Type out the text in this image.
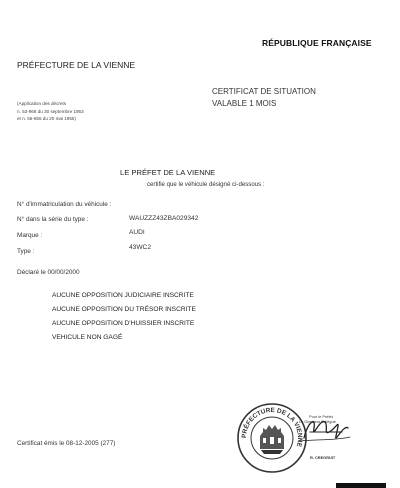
RÉPUBLIQUE FRANÇAISE
PRÉFECTURE DE LA VIENNE
CERTIFICAT DE SITUATION
VALABLE 1 MOIS
(Application des décrets
n. 53-968 du 30 septembre 1953
et n. 55-655 du 20 mai 1955)
LE PRÉFET DE LA VIENNE
certifie que le véhicule désigné ci-dessous :
N° d'immatriculation du véhicule :
N° dans la série du type :	WAUZZZ43ZBA029342
Marque :	AUDI
Type :
43WC2
Déclaré le 00/00/2000
AUCUNE OPPOSITION JUDICIAIRE INSCRITE
AUCUNE OPPOSITION DU TRÉSOR INSCRITE
AUCUNE OPPOSITION D'HUISSIER INSCRITE
VEHICULE NON GAGÉ
PRÉFECTURE DE LA VIENNE
Pour le Préfet
Le Directeur Délégué
R. CREGRUIT
Certificat émis le 08-12-2005 (277)
